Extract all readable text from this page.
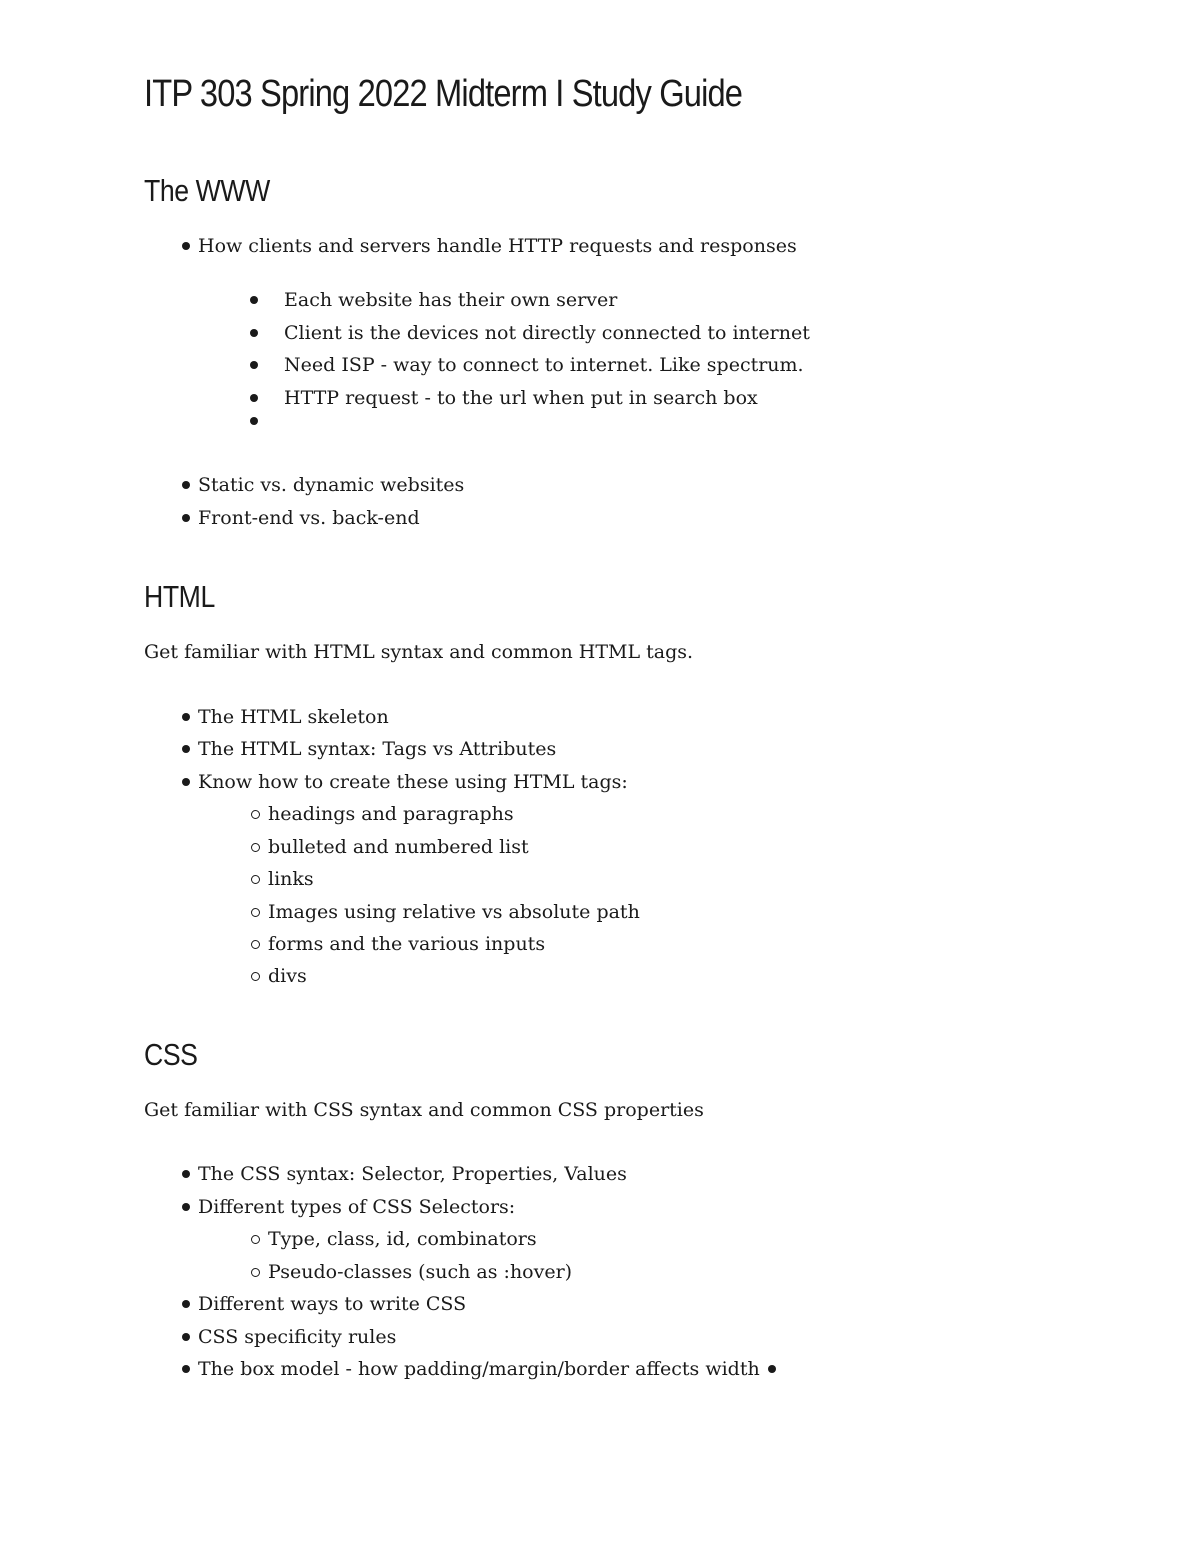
ITP 303 Spring 2022 Midterm I Study Guide
The WWW
How clients and servers handle HTTP requests and responses
Each website has their own server
Client is the devices not directly connected to internet
Need ISP - way to connect to internet. Like spectrum.
HTTP request - to the url when put in search box
Static vs. dynamic websites
Front-end vs. back-end
HTML

Get familiar with HTML syntax and common HTML tags.

The HTML skeleton
The HTML syntax: Tags vs Attributes
Know how to create these using HTML tags:
headings and paragraphs
bulleted and numbered list
links
Images using relative vs absolute path
forms and the various inputs
divs
CSS

Get familiar with CSS syntax and common CSS properties

The CSS syntax: Selector, Properties, Values
Different types of CSS Selectors:
Type, class, id, combinators
Pseudo-classes (such as :hover)
Different ways to write CSS
CSS specificity rules
The box model - how padding/margin/border affects width
